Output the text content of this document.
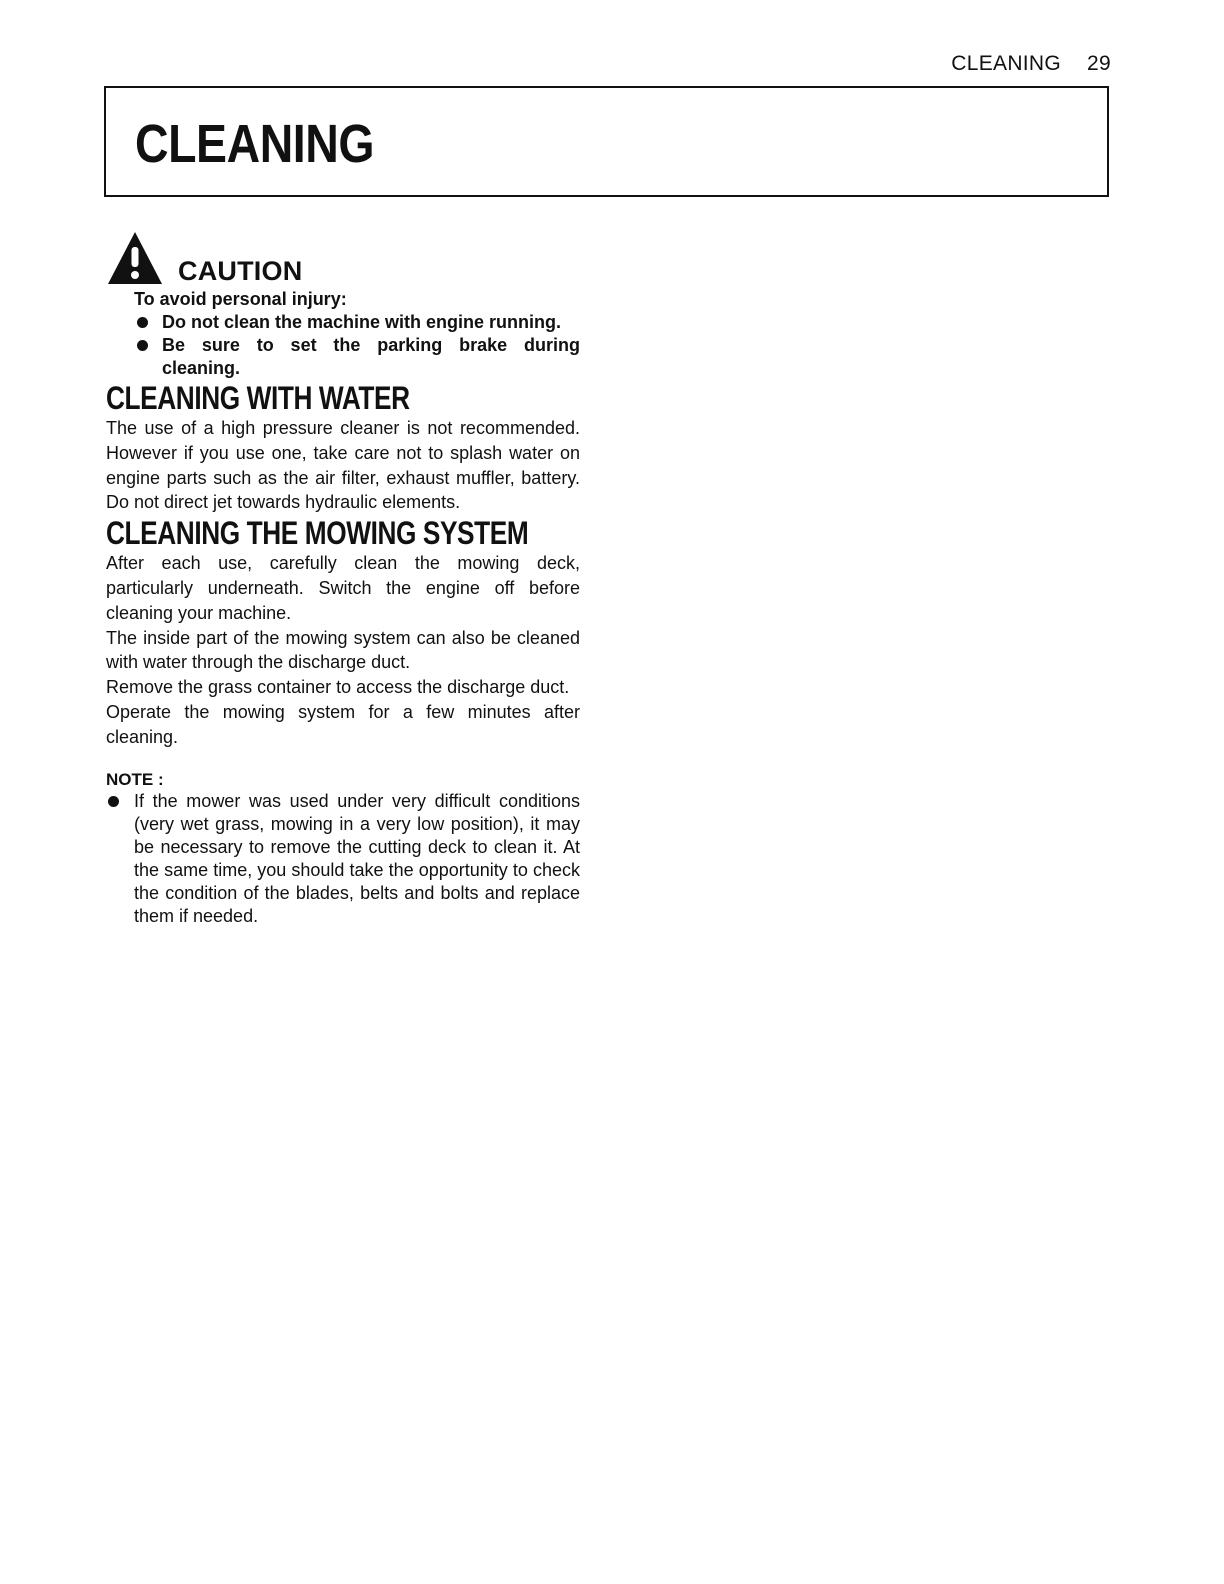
CLEANING 29
CLEANING
CAUTION

To avoid personal injury:

Do not clean the machine with engine running.
Be sure to set the parking brake during cleaning.
CLEANING WITH WATER

The use of a high pressure cleaner is not recommended. However if you use one, take care not to splash water on engine parts such as the air filter, exhaust muffler, battery. Do not direct jet towards hydraulic elements.

CLEANING THE MOWING SYSTEM

After each use, carefully clean the mowing deck, particularly underneath. Switch the engine off before cleaning your machine.

The inside part of the mowing system can also be cleaned with water through the discharge duct.

Remove the grass container to access the discharge duct.

Operate the mowing system for a few minutes after cleaning.

NOTE :

If the mower was used under very difficult conditions (very wet grass, mowing in a very low position), it may be necessary to remove the cutting deck to clean it. At the same time, you should take the opportunity to check the condition of the blades, belts and bolts and replace them if needed.
